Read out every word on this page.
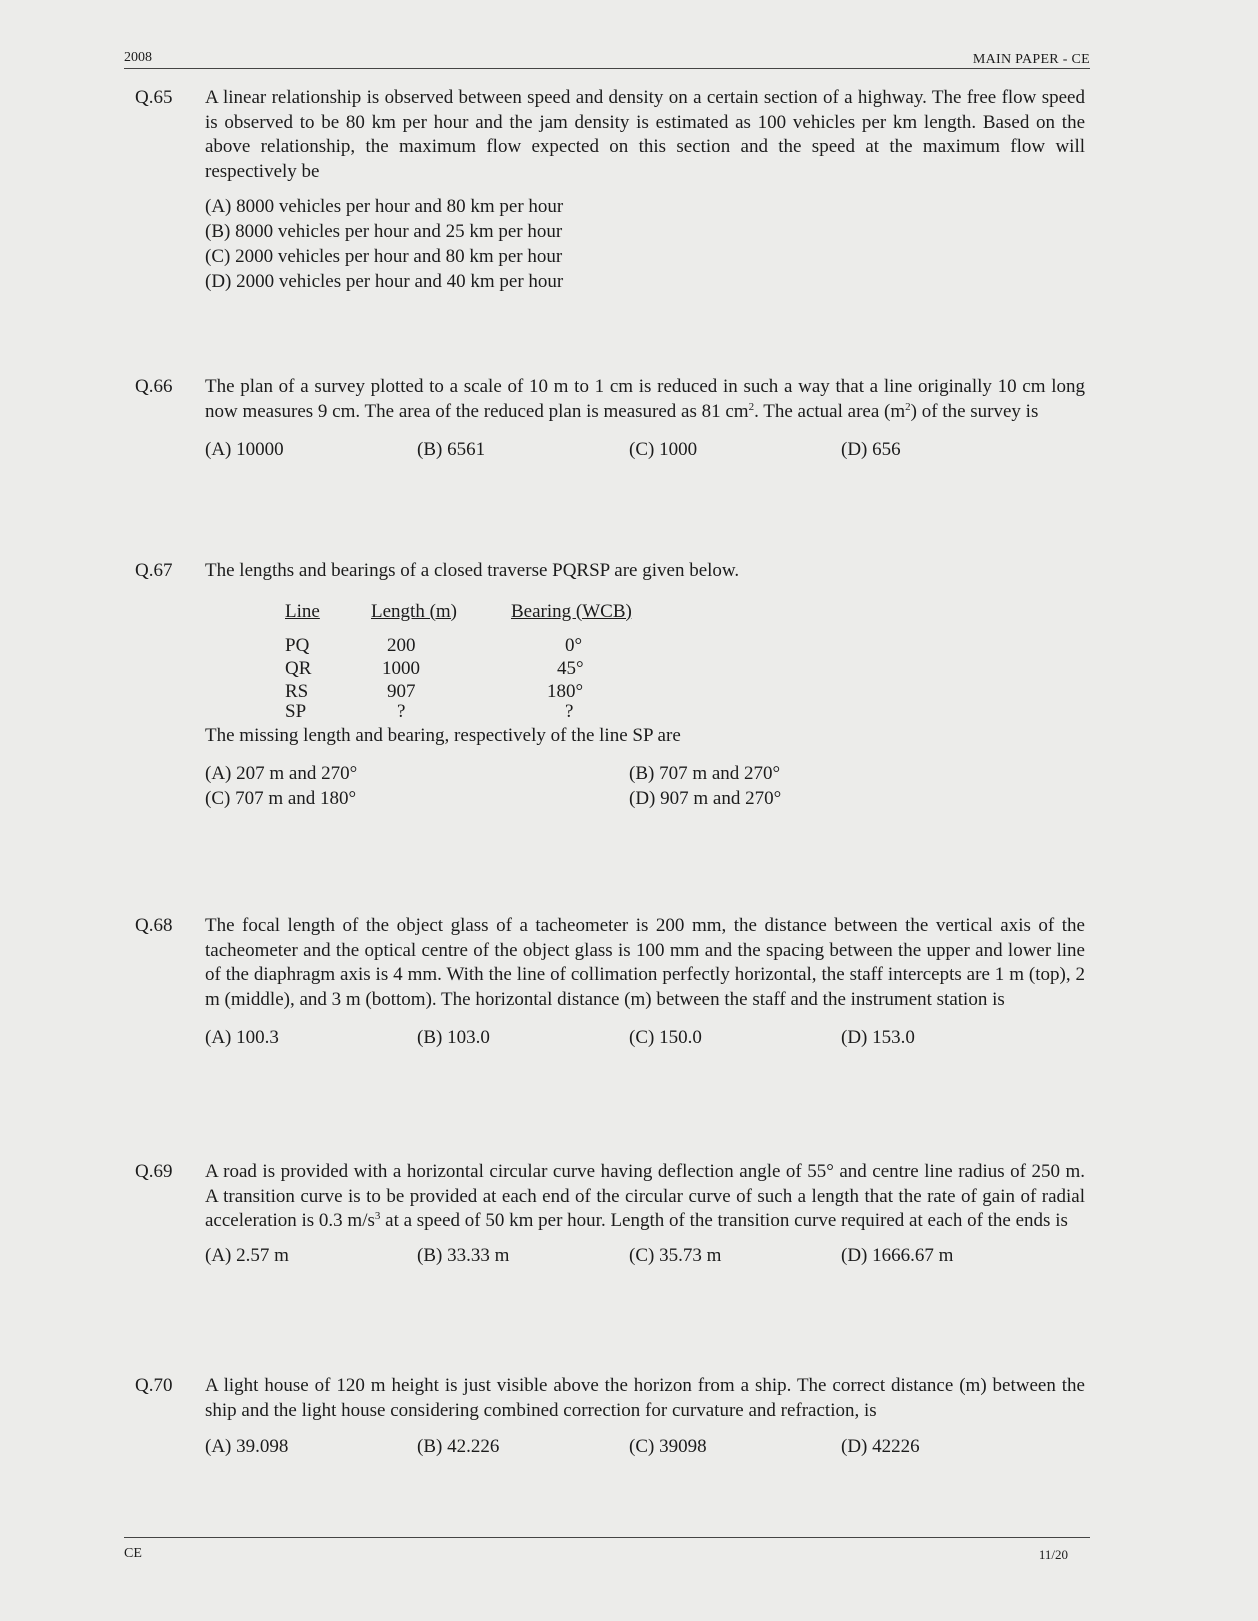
2008	MAIN PAPER - CE
Q.65 A linear relationship is observed between speed and density on a certain section of a highway. The free flow speed is observed to be 80 km per hour and the jam density is estimated as 100 vehicles per km length. Based on the above relationship, the maximum flow expected on this section and the speed at the maximum flow will respectively be
(A) 8000 vehicles per hour and 80 km per hour
(B) 8000 vehicles per hour and 25 km per hour
(C) 2000 vehicles per hour and 80 km per hour
(D) 2000 vehicles per hour and 40 km per hour
Q.66 The plan of a survey plotted to a scale of 10 m to 1 cm is reduced in such a way that a line originally 10 cm long now measures 9 cm. The area of the reduced plan is measured as 81 $cm^2$. The actual area $(m^2)$ of the survey is
(A) 10000	(B) 6561	(C) 1000	(D) 656
Q.67 The lengths and bearings of a closed traverse PQRSP are given below.
Line	Length (m)	Bearing (WCB)
PQ	200	0°
QR	1000	45°
RS	907	180°
SP	?	?
The missing length and bearing, respectively of the line SP are
(A) 207 m and 270°	(B) 707 m and 270°
(C) 707 m and 180°	(D) 907 m and 270°
Q.68 The focal length of the object glass of a tacheometer is 200 mm, the distance between the vertical axis of the tacheometer and the optical centre of the object glass is 100 mm and the spacing between the upper and lower line of the diaphragm axis is 4 mm. With the line of collimation perfectly horizontal, the staff intercepts are 1 m (top), 2 m (middle), and 3 m (bottom). The horizontal distance (m) between the staff and the instrument station is
(A) 100.3	(B) 103.0	(C) 150.0	(D) 153.0
Q.69 A road is provided with a horizontal circular curve having deflection angle of 55° and centre line radius of 250 m. A transition curve is to be provided at each end of the circular curve of such a length that the rate of gain of radial acceleration is 0.3 $m/s^3$ at a speed of 50 km per hour. Length of the transition curve required at each of the ends is
(A) 2.57 m	(B) 33.33 m	(C) 35.73 m	(D) 1666.67 m
Q.70 A light house of 120 m height is just visible above the horizon from a ship. The correct distance (m) between the ship and the light house considering combined correction for curvature and refraction, is
(A) 39.098	(B) 42.226	(C) 39098	(D) 42226
CE	11/20
